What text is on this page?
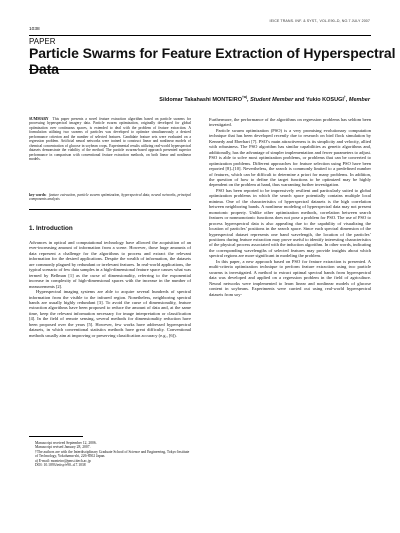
IEICE TRANS. INF. & SYST., VOL.E90–D, NO.7 JULY 2007
1038
PAPER
Particle Swarms for Feature Extraction of Hyperspectral Data
Sildomar Takahashi MONTEIRO$^{\dagger a)}$, Student Member and Yukio KOSUGI†, Member
SUMMARY This paper presents a novel feature extraction algorithm based on particle swarms for processing hyperspectral imagery data. Particle swarm optimization, originally developed for global optimization over continuous spaces, is extended to deal with the problem of feature extraction. A formulation utilizing two swarms of particles was developed to optimize simultaneously a desired performance criterion and the number of selected features. Candidate feature sets were evaluated on a regression problem. Artificial neural networks were trained to construct linear and nonlinear models of chemical concentration of glucose in soybean crops. Experimental results utilizing real-world hyperspectral datasets demonstrate the viability of the method. The particle swarms-based approach presented superior performance in comparison with conventional feature extraction methods, on both linear and nonlinear models.
key words: feature extraction, particle swarm optimization, hyperspectral data, neural networks, principal components analysis
1. Introduction

Advances in optical and computational technology have allowed the acquisition of an ever-increasing amount of information from a scene. However, those huge amounts of data represent a challenge for the algorithms to process and extract the relevant information for the desired applications. Despite the wealth of information, the datasets are commonly plagued by redundant or irrelevant features. In real-world applications, the typical scenario of few data samples in a high-dimensional feature space causes what was termed by Bellman [1] as the curse of dimensionality, referring to the exponential increase in complexity of high-dimensional spaces with the increase in the number of measurements [2].

Hyperspectral imaging systems are able to acquire several hundreds of spectral information from the visible to the infrared region. Nonetheless, neighboring spectral bands are usually highly redundant [3]. To avoid the curse of dimensionality, feature extraction algorithms have been proposed to reduce the amount of data and, at the same time, keep the relevant information necessary for image interpretation or classification [4]. In the field of remote sensing, several methods for dimensionality reduction have been proposed over the years [5]. However, few works have addressed hyperspectral datasets, in which conventional statistics methods have great difficulty. Conventional methods usually aim at improving or preserving classification accuracy (e.g., [6]).

Manuscript received September 12, 2006.
Manuscript revised January 28, 2007.
†The authors are with the Interdisciplinary Graduate School of Science and Engineering, Tokyo Institute of Technology, Yokohama-shi, 226-8502 Japan.
a) E-mail: monteiro@pms.titech.ac.jp
DOI: 10.1093/ietisy/e90–d.7.1038

Furthermore, the performance of the algorithms on regression problems has seldom been investigated.

Particle swarm optimization (PSO) is a very promising evolutionary computation technique that has been developed recently due to research on bird flock simulation by Kennedy and Eberhart [7]. PSO’s main attractiveness is its simplicity and velocity, allied with robustness. The PSO algorithm has similar capabilities as genetic algorithms and, additionally, has the advantage of simpler implementation and fewer parameters to adjust. PSO is able to solve most optimization problems, or problems that can be converted to optimization problems. Different approaches for feature selection using PSO have been reported [8]–[10]. Nevertheless, the search is commonly limited to a predefined number of features, which can be difficult to determine a priori for many problems. In addition, the question of how to define the target functions to be optimized may be highly dependent on the problem at hand, thus warranting further investigation.

PSO has been reported to be impressively resilient and particularly suited to global optimization problems in which the search space potentially contains multiple local minima. One of the characteristics of hyperspectral datasets is the high correlation between neighboring bands. A nonlinear modeling of hyperspectral data may not present monotonic property. Unlike other optimization methods, correlation between search features or nonmonotonic functions does not pose a problem for PSO. The use of PSO to process hyperspectral data is also appealing due to the capability of visualizing the location of particles’ positions in the search space. Since each spectral dimension of the hyperspectral dataset represents one band wavelength, the location of the particles’ positions during feature extraction may prove useful to identify interesting characteristics of the physical process associated with the induction algorithm. In other words, indicating the corresponding wavelengths of selected features may provide insights about which spectral regions are more significant in modeling the problem.

In this paper, a new approach based on PSO for feature extraction is presented. A multi-criteria optimization technique to perform feature extraction using two particle swarms is investigated. A method to extract optimal spectral bands from hyperspectral data was developed and applied on a regression problem in the field of agriculture. Neural networks were implemented to learn linear and nonlinear models of glucose content in soybeans. Experiments were carried out using real-world hyperspectral datasets from soy-
